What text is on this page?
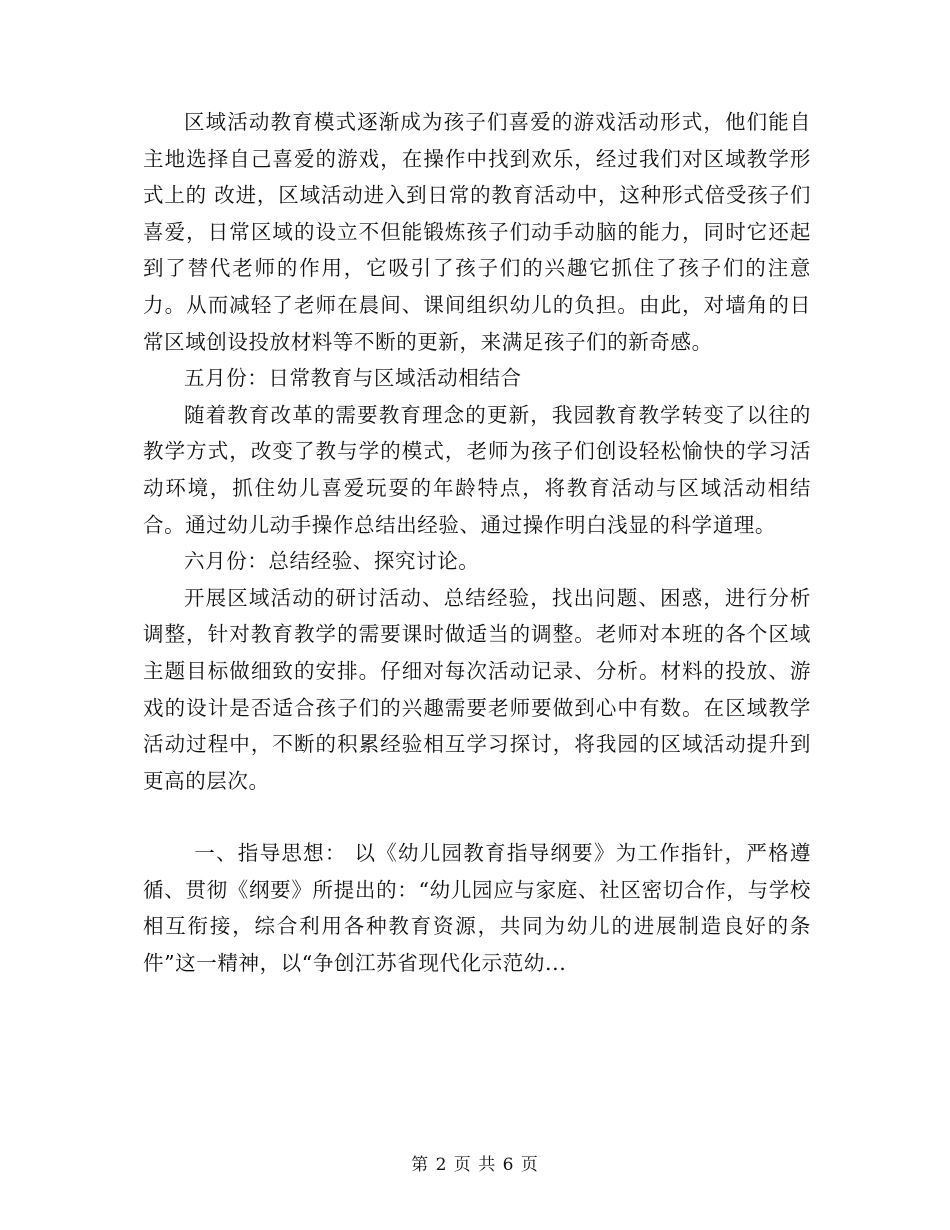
区域活动教育模式逐渐成为孩子们喜爱的游戏活动形式，他们能自主地选择自己喜爱的游戏，在操作中找到欢乐，经过我们对区域教学形式上的 改进，区域活动进入到日常的教育活动中，这种形式倍受孩子们喜爱，日常区域的设立不但能锻炼孩子们动手动脑的能力，同时它还起到了替代老师的作用，它吸引了孩子们的兴趣它抓住了孩子们的注意力。从而减轻了老师在晨间、课间组织幼儿的负担。由此，对墙角的日常区域创设投放材料等不断的更新，来满足孩子们的新奇感。

五月份：日常教育与区域活动相结合

随着教育改革的需要教育理念的更新，我园教育教学转变了以往的教学方式，改变了教与学的模式，老师为孩子们创设轻松愉快的学习活动环境，抓住幼儿喜爱玩耍的年龄特点，将教育活动与区域活动相结合。通过幼儿动手操作总结出经验、通过操作明白浅显的科学道理。

六月份：总结经验、探究讨论。

开展区域活动的研讨活动、总结经验，找出问题、困惑，进行分析调整，针对教育教学的需要课时做适当的调整。老师对本班的各个区域主题目标做细致的安排。仔细对每次活动记录、分析。材料的投放、游戏的设计是否适合孩子们的兴趣需要老师要做到心中有数。在区域教学活动过程中，不断的积累经验相互学习探讨，将我园的区域活动提升到更高的层次。

一、指导思想： 以《幼儿园教育指导纲要》为工作指针，严格遵循、贯彻《纲要》所提出的：“幼儿园应与家庭、社区密切合作，与学校相互衔接，综合利用各种教育资源，共同为幼儿的进展制造良好的条件”这一精神，以“争创江苏省现代化示范幼...

第 2 页 共 6 页
